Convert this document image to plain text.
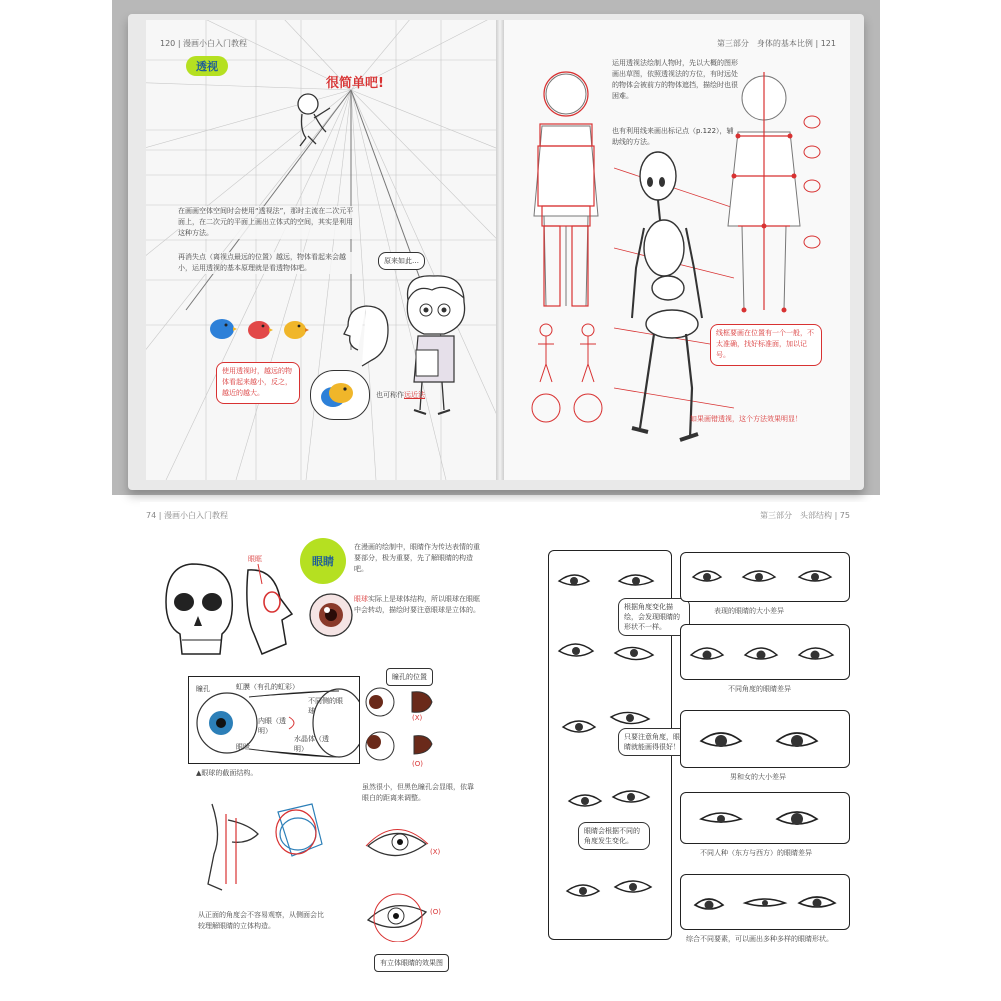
120 | 漫画小白入门教程
透视
很简单吧!
在画画空体空间时会使用“透视法”，那时主流在二次元平面上，在二次元的平面上画出立体式的空间，其实是利用这种方法。
再消失点（离视点最远的位置）越远，物体看起来会越小，运用透视的基本原理就是看透物体吧。
原来如此…
使用透视时，越远的物体看起来越小，反之，越近的越大。	也可称作远近法
第三部分　身体的基本比例 | 121
运用透视法绘制人物时，先以大概的图形画出草图，依照透视法的方位，有时远处的物体会被前方的物体遮挡，描绘时也很困难。
也有利用线来画出标记点（p.122），辅助线的方法。
线框要画在位置有一个一般，不太准确，找好标准面，加以记号。
如果画错透视，这个方法效果明显！
74 | 漫画小白入门教程	第三部分　头部结构 | 75
眼眶	眼睛
在漫画的绘制中，眼睛作为传达表情的重要部分，极为重要，先了解眼睛的构造吧。
眼球实际上是球体结构，所以眼球在眼眶中会转动，描绘时要注意眼球是立体的。
瞳孔	虹膜（有孔的虹彩）
内眼（透明）
不同侧的眼球
水晶体（透明）
眼睑
▲眼球的截面结构。
瞳孔的位置
(X)
(O)
虽然很小，但黑色瞳孔会显眼，依靠眼白的距离来调整。
从正面的角度会不容易观察，从侧面会比较理解眼睛的立体构造。
(X)
(O)
有立体眼睛的效果图
根据角度变化描绘，会发现眼睛的形状不一样。
只要注意角度，眼睛就能画得很好！
眼睛会根据不同的角度发生变化。
表现的眼睛的大小差异
不同角度的眼睛差异
男和女的大小差异
不同人种（东方与西方）的眼睛差异
综合不同要素，可以画出多种多样的眼睛形状。
